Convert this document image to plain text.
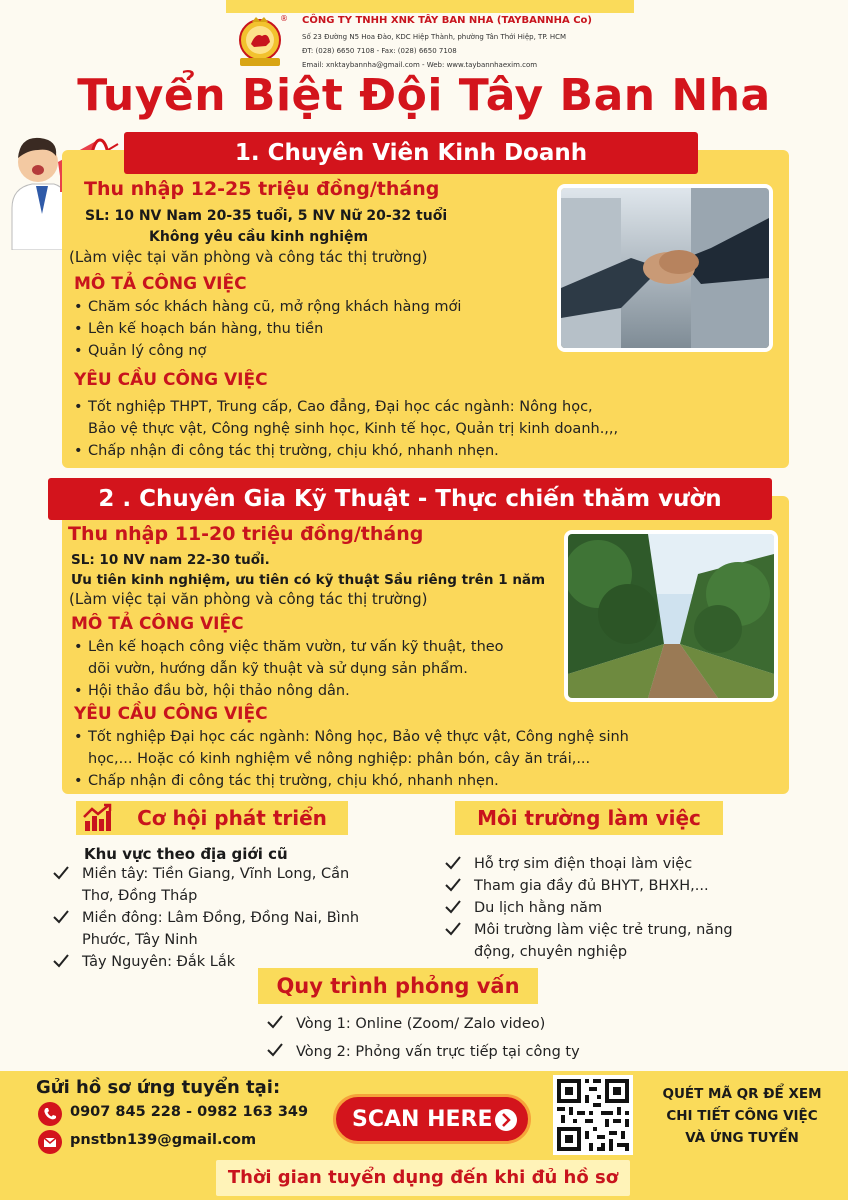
CÔNG TY TNHH XNK TÂY BAN NHA (TAYBANNHA Co)
®
Số 23 Đường N5 Hoa Đào, KDC Hiệp Thành, phường Tân Thới Hiệp, TP. HCM
ĐT: (028) 6650 7108 - Fax: (028) 6650 7108
Email: xnktaybannha@gmail.com - Web: www.taybannhaexim.com
Tuyển Biệt Đội Tây Ban Nha
1. Chuyên Viên Kinh Doanh
Thu nhập 12-25 triệu đồng/tháng
SL: 10 NV Nam 20-35 tuổi, 5 NV Nữ 20-32 tuổi
Không yêu cầu kinh nghiệm
(Làm việc tại văn phòng và công tác thị trường)
MÔ TẢ CÔNG VIỆC
• Chăm sóc khách hàng cũ, mở rộng khách hàng mới
• Lên kế hoạch bán hàng, thu tiền
• Quản lý công nợ
YÊU CẦU CÔNG VIỆC
• Tốt nghiệp THPT, Trung cấp, Cao đẳng, Đại học các ngành: Nông học,
• Bảo vệ thực vật, Công nghệ sinh học, Kinh tế học, Quản trị kinh doanh.,,,
• Chấp nhận đi công tác thị trường, chịu khó, nhanh nhẹn.
2 . Chuyên Gia Kỹ Thuật - Thực chiến thăm vườn
Thu nhập 11-20 triệu đồng/tháng
SL: 10 NV nam 22-30 tuổi.
Ưu tiên kinh nghiệm, ưu tiên có kỹ thuật Sầu riêng trên 1 năm
(Làm việc tại văn phòng và công tác thị trường)
MÔ TẢ CÔNG VIỆC
• Lên kế hoạch công việc thăm vườn, tư vấn kỹ thuật, theo
• dõi vườn, hướng dẫn kỹ thuật và sử dụng sản phẩm.
• Hội thảo đầu bờ, hội thảo nông dân.
YÊU CẦU CÔNG VIỆC
• Tốt nghiệp Đại học các ngành: Nông học, Bảo vệ thực vật, Công nghệ sinh
• học,... Hoặc có kinh nghiệm về nông nghiệp: phân bón, cây ăn trái,...
• Chấp nhận đi công tác thị trường, chịu khó, nhanh nhẹn.
Cơ hội phát triển
Khu vực theo địa giới cũ
Miền tây: Tiền Giang, Vĩnh Long, Cần
Thơ, Đồng Tháp
Miền đông: Lâm Đồng, Đồng Nai, Bình
Phước, Tây Ninh
Tây Nguyên: Đắk Lắk
Môi trường làm việc
Hỗ trợ sim điện thoại làm việc
Tham gia đầy đủ BHYT, BHXH,...
Du lịch hằng năm
Môi trường làm việc trẻ trung, năng
động, chuyên nghiệp
Quy trình phỏng vấn
Vòng 1: Online (Zoom/ Zalo video)
Vòng 2: Phỏng vấn trực tiếp tại công ty
Gửi hồ sơ ứng tuyển tại:
0907 845 228 - 0982 163 349
pnstbn139@gmail.com
SCAN HERE
QUÉT MÃ QR ĐỂ XEM
CHI TIẾT CÔNG VIỆC
VÀ ỨNG TUYỂN
Thời gian tuyển dụng đến khi đủ hồ sơ
